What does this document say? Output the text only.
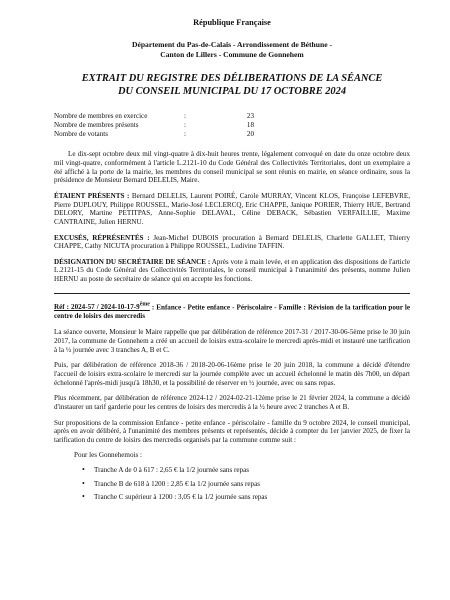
République Française
Département du Pas-de-Calais - Arrondissement de Béthune -
Canton de Lillers - Commune de Gonnehem
EXTRAIT DU REGISTRE DES DÉLIBERATIONS DE LA SÉANCE
DU CONSEIL MUNICIPAL DU 17 OCTOBRE 2024
Nombre de membres en exercice	:	23
Nombre de membres présents	:	18
Nombre de votants	:	20

Le dix-sept octobre deux mil vingt-quatre à dix-huit heures trente, légalement convoqué en date du onze octobre deux mil vingt-quatre, conformément à l'article L.2121-10 du Code Général des Collectivités Territoriales, dont un exemplaire a été affiché à la porte de la mairie, les membres du conseil municipal se sont réunis en mairie, en séance ordinaire, sous la présidence de Monsieur Bernard DELELIS, Maire.

ÉTAIENT PRÉSENTS : Bernard DELELIS, Laurent POIRÉ, Carole MURRAY, Vincent KLOS, Françoise LEFEBVRE, Pierre DUPLOUY, Philippe ROUSSEL, Marie-José LECLERCQ, Eric CHAPPE, Janique PORIER, Thierry HUE, Bertrand DELORY, Martine PETITPAS, Anne-Sophie DELAVAL, Céline DEBACK, Sébastien VERFAILLIE, Maxime CANTRAINE, Julien HERNU.

EXCUSÉS, RÉPRÉSENTÉS : Jean-Michel DUBOIS procuration à Bernard DELELIS, Charlette GALLET, Thierry CHAPPE, Cathy NICUTA procuration à Philippe ROUSSEL, Ludivine TAFFIN.

DÉSIGNATION DU SECRÉTAIRE DE SÉANCE : Après vote à main levée, et en application des dispositions de l'article L.2121-15 du Code Général des Collectivités Territoriales, le conseil municipal à l'unanimité des présents, nomme Julien HERNU au poste de secrétaire de séance qui en accepte les fonctions.

Réf : 2024-57 / 2024-10-17-9ème : Enfance - Petite enfance - Périscolaire - Famille : Révision de la tarification pour le centre de loisirs des mercredis

La séance ouverte, Monsieur le Maire rappelle que par délibération de référence 2017-31 / 2017-30-06-5ème prise le 30 juin 2017, la commune de Gonnehem a créé un accueil de loisirs extra-scolaire le mercredi après-midi et instauré une tarification à la ½ journée avec 3 tranches A, B et C.

Puis, par délibération de référence 2018-36 / 2018-20-06-16ème prise le 20 juin 2018, la commune a décidé d'étendre l'accueil de loisirs extra-scolaire le mercredi sur la journée complète avec un accueil échelonné le matin dès 7h00, un départ échelonné l'après-midi jusqu'à 18h30, et la possibilité de réserver en ½ journée, avec ou sans repas.

Plus récemment, par délibération de référence 2024-12 / 2024-02-21-12ème prise le 21 février 2024, la commune a décidé d'instaurer un tarif garderie pour les centres de loisirs des mercredis à la ½ heure avec 2 tranches A et B.

Sur propositions de la commission Enfance - petite enfance - périscolaire - famille du 9 octobre 2024, le conseil municipal, après en avoir délibéré, à l'unanimité des membres présents et représentés, décide à compter du 1er janvier 2025, de fixer la tarification du centre de loisirs des mercredis organisés par la commune comme suit :

Pour les Gonnehemois :
• Tranche A de 0 à 617 : 2,65 € la 1/2 journée sans repas
• Tranche B de 618 à 1200 : 2,85 € la 1/2 journée sans repas
• Tranche C supérieur à 1200 : 3,05 € la 1/2 journée sans repas
